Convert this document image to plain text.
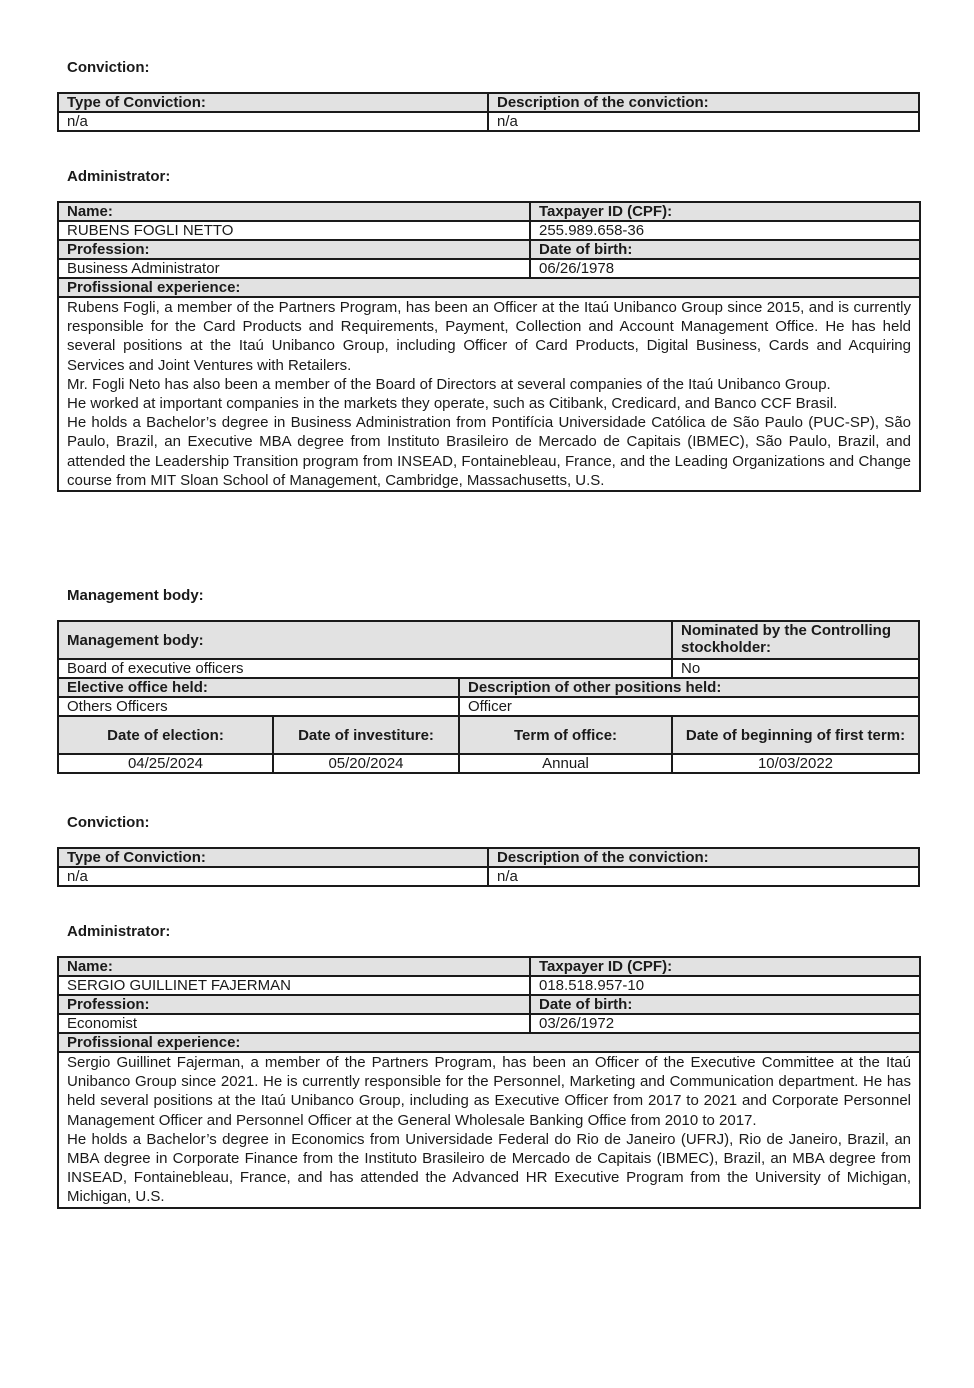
Conviction:
Type of Conviction:	Description of the conviction:
n/a	n/a
Administrator:
Name:	Taxpayer ID (CPF):
RUBENS FOGLI NETTO	255.989.658-36
Profession:	Date of birth:
Business Administrator	06/26/1978
Profissional experience:	

Rubens Fogli, a member of the Partners Program, has been an Officer at the Itaú Unibanco Group since 2015, and is currently responsible for the Card Products and Requirements, Payment, Collection and Account Management Office. He has held several positions at the Itaú Unibanco Group, including Officer of Card Products, Digital Business, Cards and Acquiring Services and Joint Ventures with Retailers.

Mr. Fogli Neto has also been a member of the Board of Directors at several companies of the Itaú Unibanco Group.

He worked at important companies in the markets they operate, such as Citibank, Credicard, and Banco CCF Brasil.

He holds a Bachelor’s degree in Business Administration from Pontifícia Universidade Católica de São Paulo (PUC-SP), São Paulo, Brazil, an Executive MBA degree from Instituto Brasileiro de Mercado de Capitais (IBMEC), São Paulo, Brazil, and attended the Leadership Transition program from INSEAD, Fontainebleau, France, and the Leading Organizations and Change course from MIT Sloan School of Management, Cambridge, Massachusetts, U.S.	

Management body:
Management body:			Nominated by the Controlling stockholder:
Board of executive officers			No
Elective office held:		Description of other positions held:	
Others Officers		Officer	
Date of election:	Date of investiture:	Term of office:	Date of beginning of first term:
04/25/2024	05/20/2024	Annual	10/03/2022
Conviction:
Type of Conviction:	Description of the conviction:
n/a	n/a
Administrator:
Name:	Taxpayer ID (CPF):
SERGIO GUILLINET FAJERMAN	018.518.957-10
Profession:	Date of birth:
Economist	03/26/1972
Profissional experience:	

Sergio Guillinet Fajerman, a member of the Partners Program, has been an Officer of the Executive Committee at the Itaú Unibanco Group since 2021. He is currently responsible for the Personnel, Marketing and Communication department. He has held several positions at the Itaú Unibanco Group, including as Executive Officer from 2017 to 2021 and Corporate Personnel Management Officer and Personnel Officer at the General Wholesale Banking Office from 2010 to 2017.

He holds a Bachelor’s degree in Economics from Universidade Federal do Rio de Janeiro (UFRJ), Rio de Janeiro, Brazil, an MBA degree in Corporate Finance from the Instituto Brasileiro de Mercado de Capitais (IBMEC), Brazil, an MBA degree from INSEAD, Fontainebleau, France, and has attended the Advanced HR Executive Program from the University of Michigan, Michigan, U.S.	
